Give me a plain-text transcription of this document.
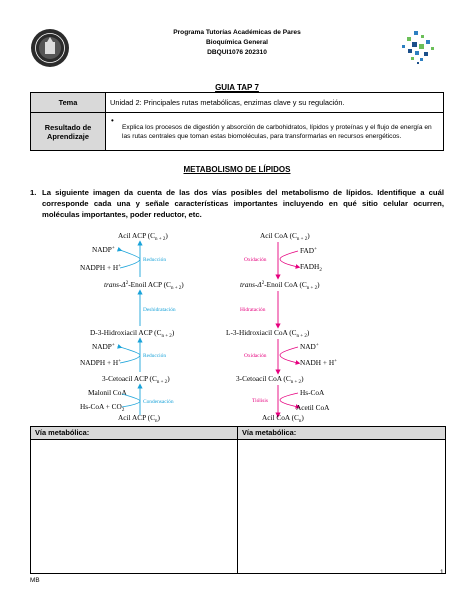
Programa Tutorías Académicas de Pares
Bioquímica General
DBQUI1076 202310
GUIA TAP 7
Tema	Unidad 2: Principales rutas metabólicas, enzimas clave y su regulación.
Resultado de Aprendizaje	•
Explica los procesos de digestión y absorción de carbohidratos, lípidos y proteínas y el flujo de energía en las rutas centrales que toman estas biomoléculas, para transformarlas en recursos energéticos.
METABOLISMO DE LÍPIDOS
1. La siguiente imagen da cuenta de las dos vías posibles del metabolismo de lípidos. Identifique a cuál corresponde cada una y señale características importantes incluyendo en qué sitio celular ocurren, moléculas importantes, poder reductor, etc.
Acil ACP $(C_{n + 2})$
NADP+
NADPH + H+
Reducción
trans-$\Delta^2$-Enoil ACP $(C_{n + 2})$
Deshidratación
D-3-Hidroxiacil ACP $(C_{n + 2})$
NADP+
NADPH + H+
Reducción
3-Cetoacil ACP $(C_{n + 2})$
Malonil CoA
$Hs-CoA + CO_2$
Condensación
Acil ACP $(C_n)$
Acil CoA $(C_{n + 2})$
FAD+
$FADH_2$
Oxidación
trans-$\Delta^2$-Enoil CoA $(C_{n + 2})$
Hidratación
L-3-Hidroxiacil CoA $(C_{n + 2})$
NAD+
NADH + H+
Oxidación
3-Cetoacil CoA $(C_{n + 2})$
Hs-CoA
Acetil CoA
Tiólisis
Acil CoA $(C_n)$
Vía metabólica:	Vía metabólica:
1
MB
